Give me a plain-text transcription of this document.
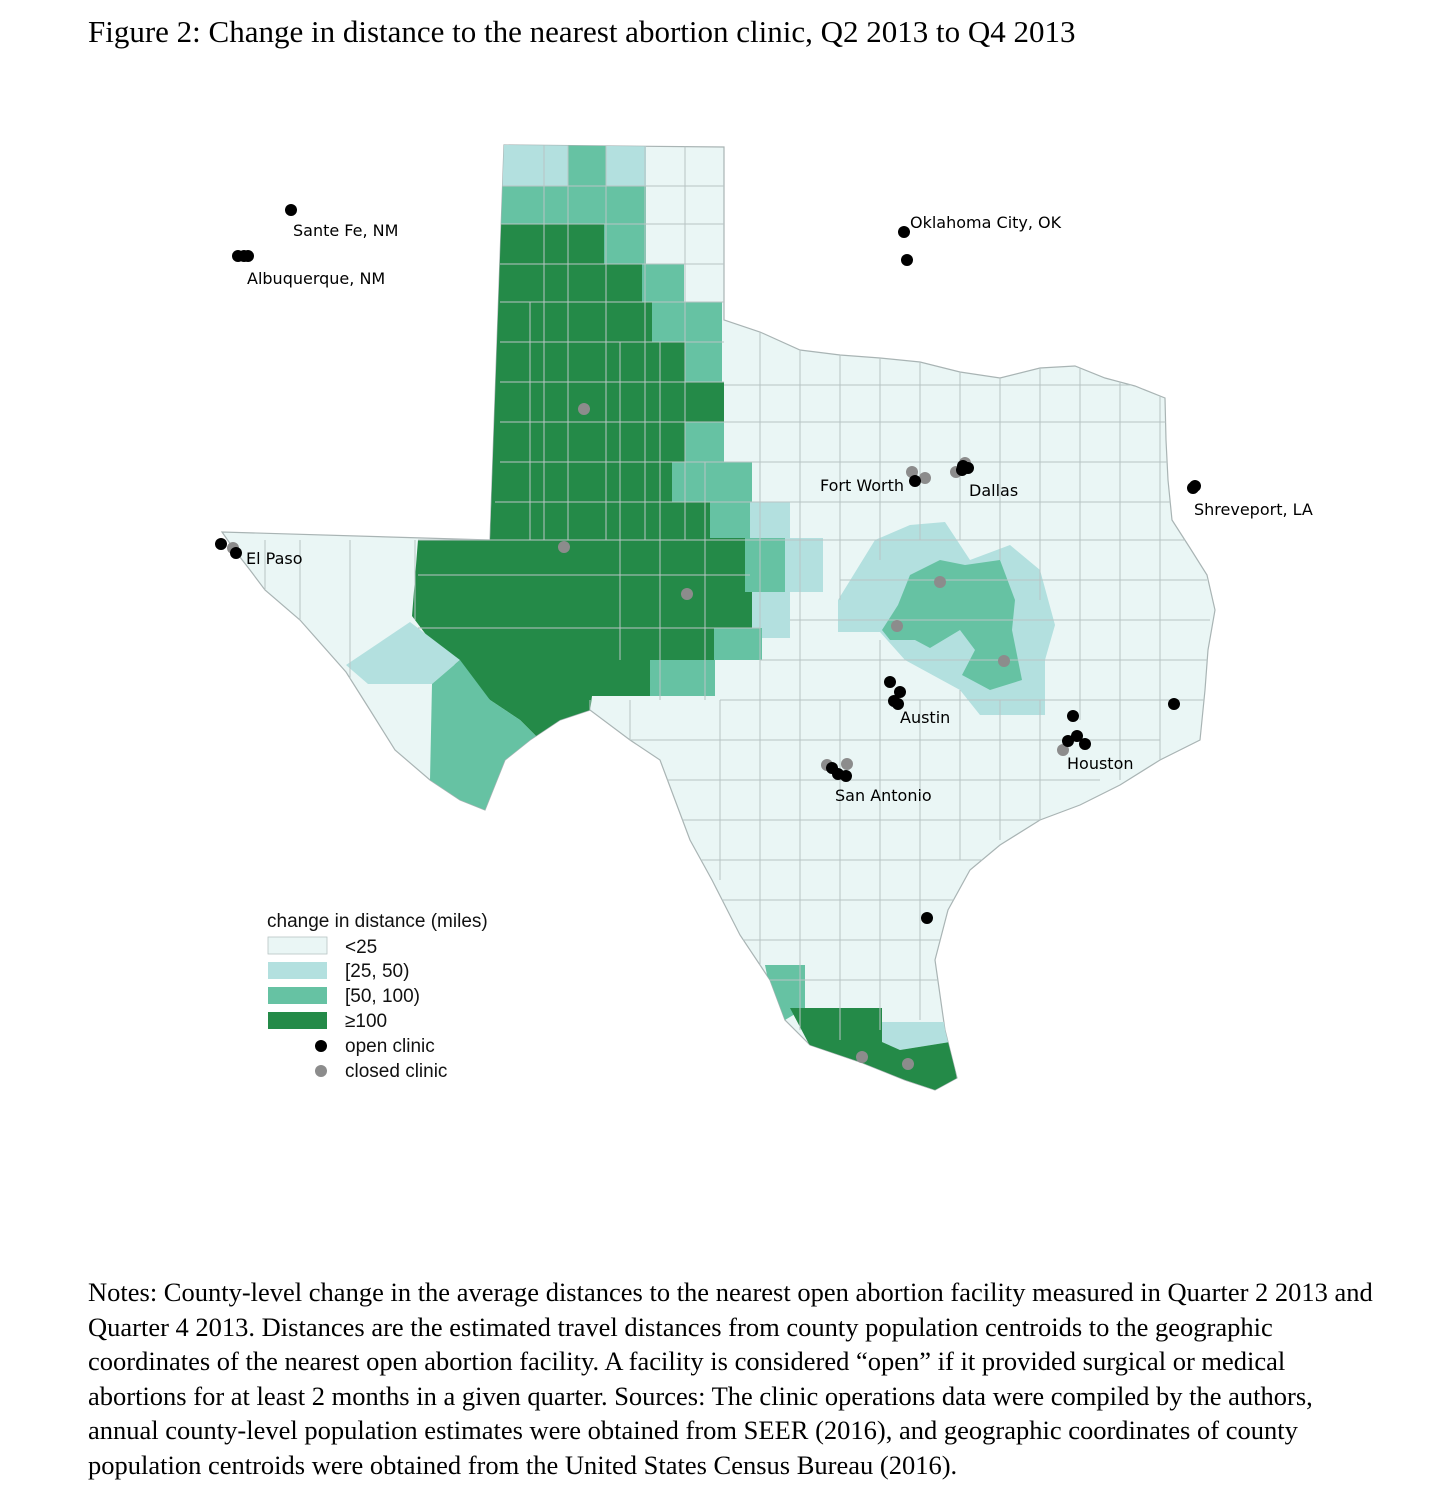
Figure 2: Change in distance to the nearest abortion clinic, Q2 2013 to Q4 2013
Sante Fe, NM
Albuquerque, NM
Oklahoma City, OK
Fort Worth	Dallas
Shreveport, LA
El Paso
Austin
Houston
San Antonio
change in distance (miles)
<25
[25, 50)
[50, 100)
≥100
open clinic
closed clinic
Notes: County-level change in the average distances to the nearest open abortion facility measured in Quarter 2 2013 and Quarter 4 2013. Distances are the estimated travel distances from county population centroids to the geographic coordinates of the nearest open abortion facility. A facility is considered “open” if it provided surgical or medical abortions for at least 2 months in a given quarter. Sources: The clinic operations data were compiled by the authors, annual county-level population estimates were obtained from SEER (2016), and geographic coordinates of county population centroids were obtained from the United States Census Bureau (2016).
